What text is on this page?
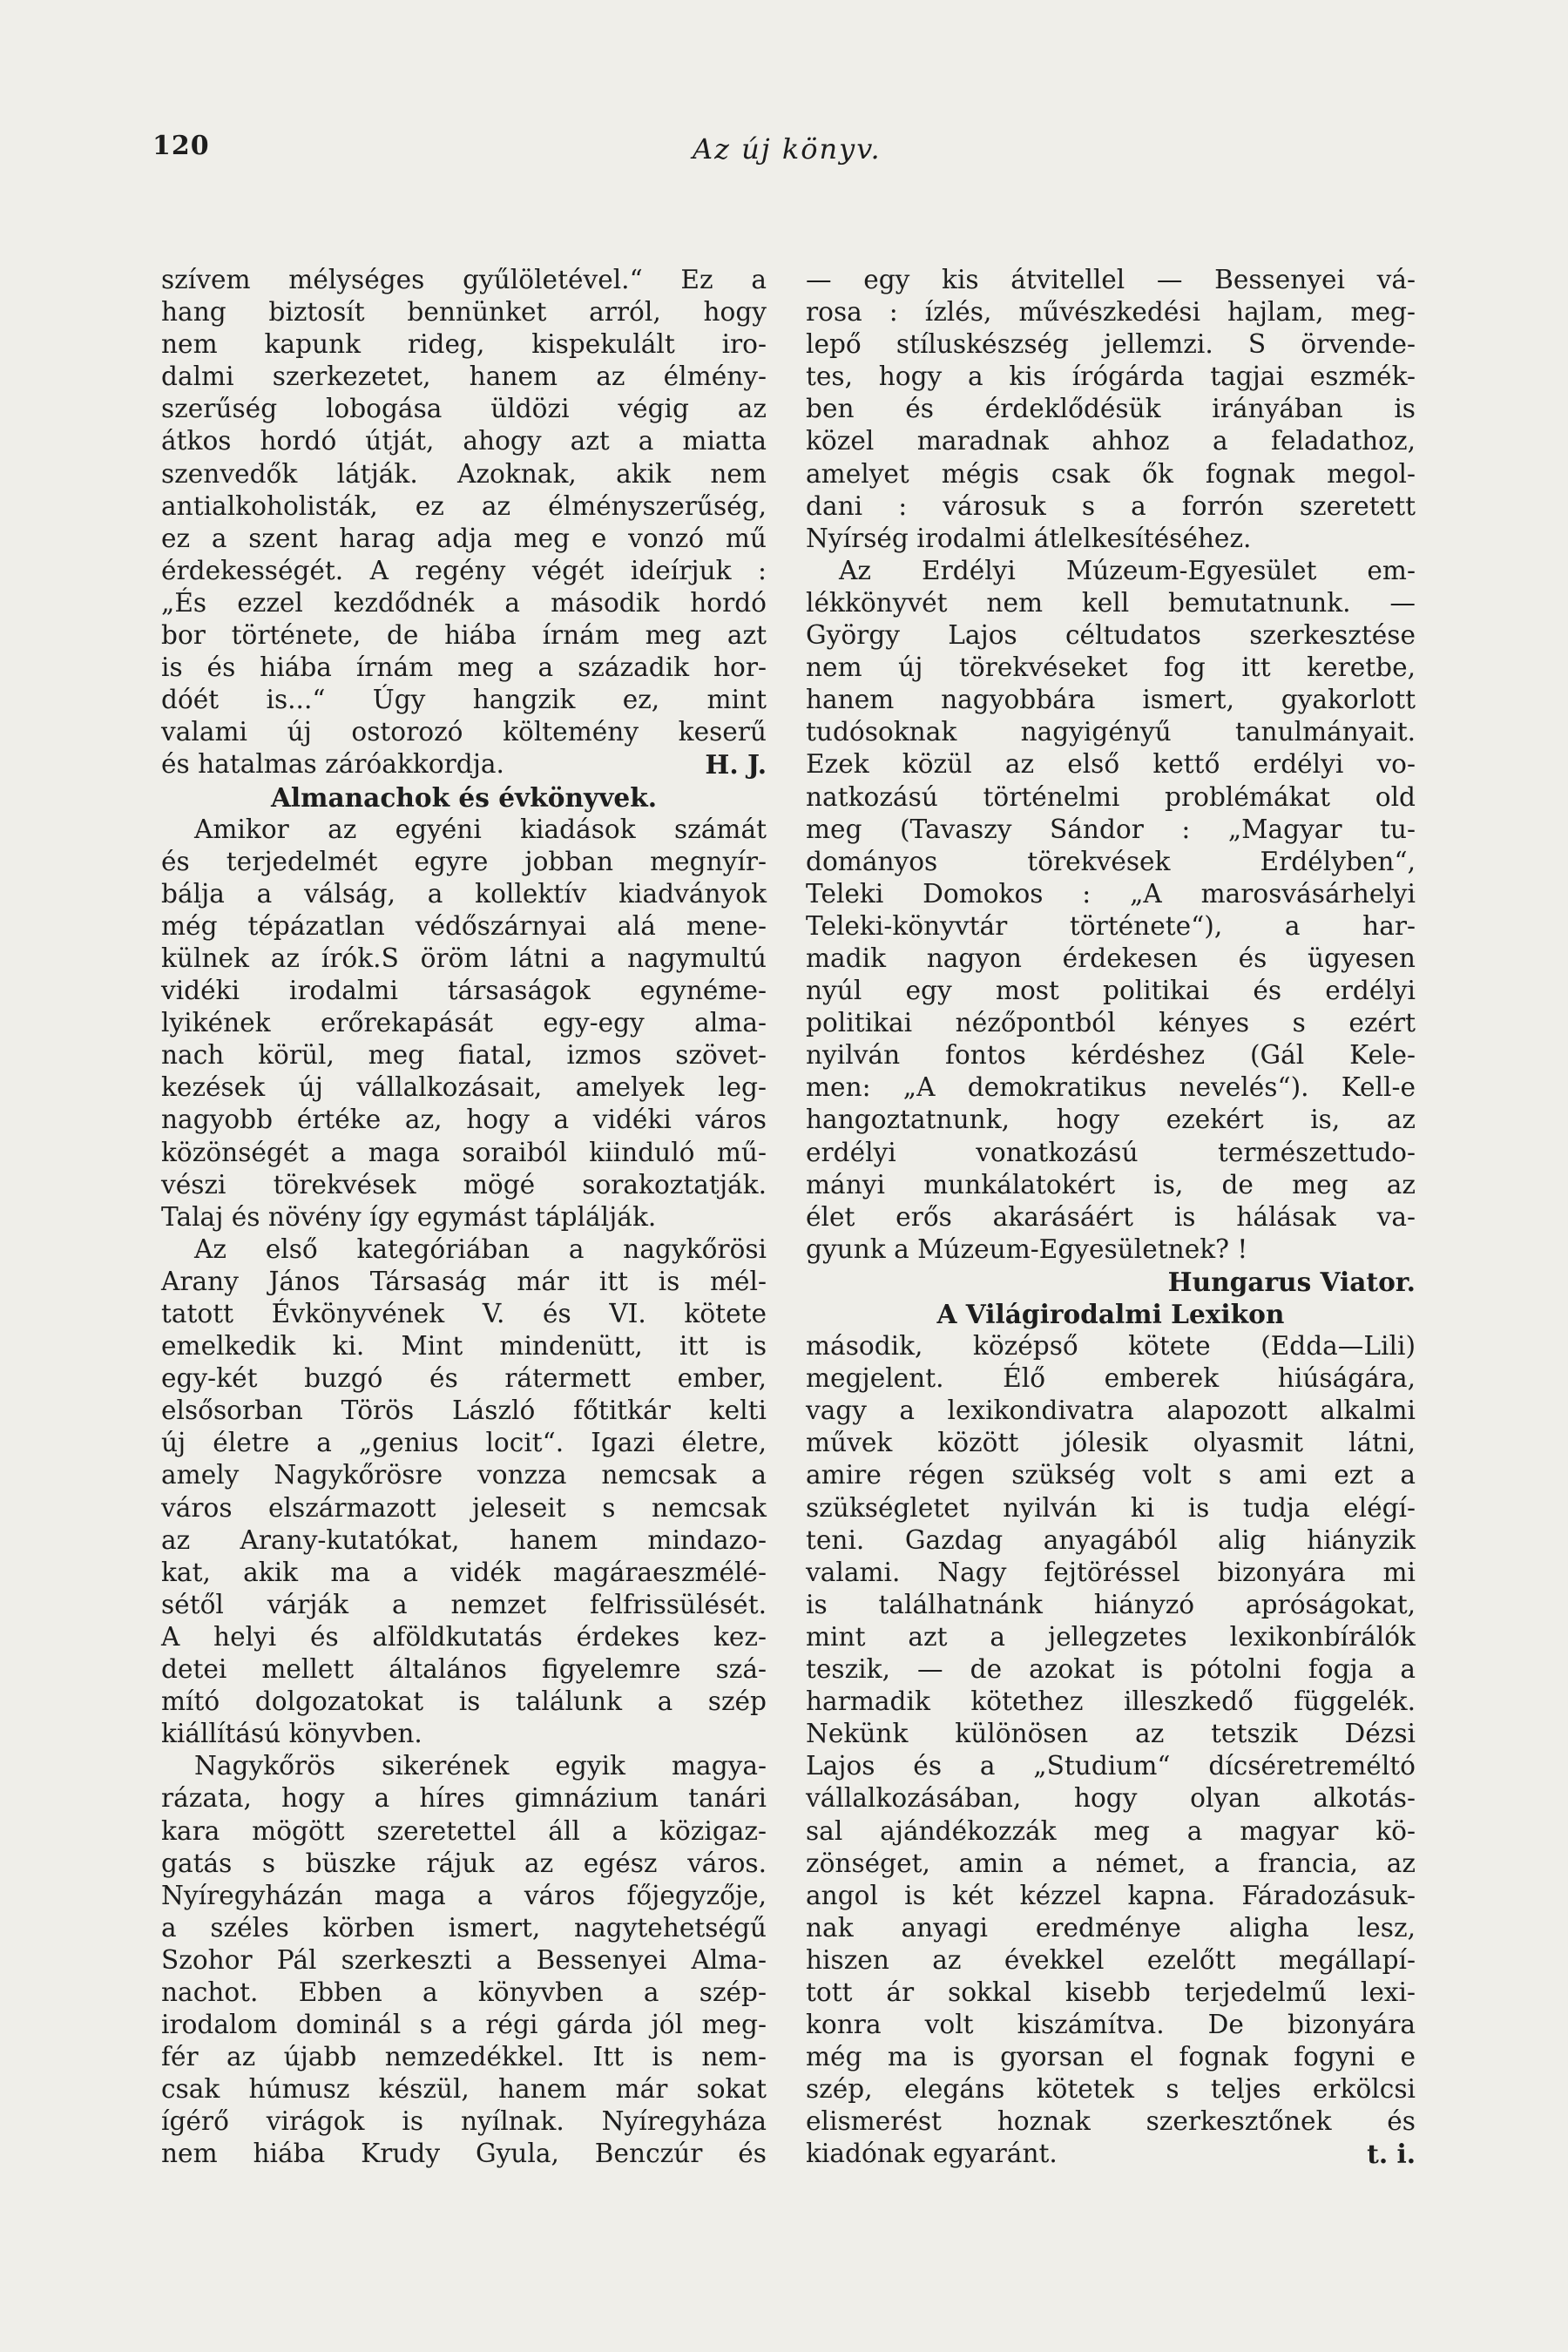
120	Az új könyv.
szívem mélységes gyűlöletével.“ Ez a
hang biztosít bennünket arról, hogy
nem kapunk rideg, kispekulált iro-
dalmi szerkezetet, hanem az élmény-
szerűség lobogása üldözi végig az
átkos hordó útját, ahogy azt a miatta
szenvedők látják. Azoknak, akik nem
antialkoholisták, ez az élményszerűség,
ez a szent harag adja meg e vonzó mű
érdekességét. A regény végét ideírjuk :
„És ezzel kezdődnék a második hordó
bor története, de hiába írnám meg azt
is és hiába írnám meg a századik hor-
dóét is...“ Úgy hangzik ez, mint
valami új ostorozó költemény keserű
és hatalmas záróakkordja.	H. J.
Almanachok és évkönyvek.
Amikor az egyéni kiadások számát
és terjedelmét egyre jobban megnyír-
bálja a válság, a kollektív kiadványok
még tépázatlan védőszárnyai alá mene-
külnek az írók.S öröm látni a nagymultú
vidéki irodalmi társaságok egynéme-
lyikének erőrekapását egy-egy alma-
nach körül, meg fiatal, izmos szövet-
kezések új vállalkozásait, amelyek leg-
nagyobb értéke az, hogy a vidéki város
közönségét a maga soraiból kiinduló mű-
vészi törekvések mögé sorakoztatják.
Talaj és növény így egymást táplálják.
Az első kategóriában a nagykőrösi
Arany János Társaság már itt is mél-
tatott Évkönyvének V. és VI. kötete
emelkedik ki. Mint mindenütt, itt is
egy-két buzgó és rátermett ember,
elsősorban Törös László főtitkár kelti
új életre a „genius locit“. Igazi életre,
amely Nagykőrösre vonzza nemcsak a
város elszármazott jeleseit s nemcsak
az Arany-kutatókat, hanem mindazo-
kat, akik ma a vidék magáraeszmélé-
sétől várják a nemzet felfrissülését.
A helyi és alföldkutatás érdekes kez-
detei mellett általános figyelemre szá-
mító dolgozatokat is találunk a szép
kiállítású könyvben.
Nagykőrös sikerének egyik magya-
rázata, hogy a híres gimnázium tanári
kara mögött szeretettel áll a közigaz-
gatás s büszke rájuk az egész város.
Nyíregyházán maga a város főjegyzője,
a széles körben ismert, nagytehetségű
Szohor Pál szerkeszti a Bessenyei Alma-
nachot. Ebben a könyvben a szép-
irodalom dominál s a régi gárda jól meg-
fér az újabb nemzedékkel. Itt is nem-
csak húmusz készül, hanem már sokat
ígérő virágok is nyílnak. Nyíregyháza
nem hiába Krudy Gyula, Benczúr és
— egy kis átvitellel — Bessenyei vá-
rosa : ízlés, művészkedési hajlam, meg-
lepő stíluskészség jellemzi. S örvende-
tes, hogy a kis írógárda tagjai eszmék-
ben és érdeklődésük irányában is
közel maradnak ahhoz a feladathoz,
amelyet mégis csak ők fognak megol-
dani : városuk s a forrón szeretett
Nyírség irodalmi átlelkesítéséhez.
Az Erdélyi Múzeum-Egyesület em-
lékkönyvét nem kell bemutatnunk. —
György Lajos céltudatos szerkesztése
nem új törekvéseket fog itt keretbe,
hanem nagyobbára ismert, gyakorlott
tudósoknak nagyigényű tanulmányait.
Ezek közül az első kettő erdélyi vo-
natkozású történelmi problémákat old
meg (Tavaszy Sándor : „Magyar tu-
dományos törekvések Erdélyben“,
Teleki Domokos : „A marosvásárhelyi
Teleki-könyvtár története“), a har-
madik nagyon érdekesen és ügyesen
nyúl egy most politikai és erdélyi
politikai nézőpontból kényes s ezért
nyilván fontos kérdéshez (Gál Kele-
men: „A demokratikus nevelés“). Kell-e
hangoztatnunk, hogy ezekért is, az
erdélyi vonatkozású természettudo-
mányi munkálatokért is, de meg az
élet erős akarásáért is hálásak va-
gyunk a Múzeum-Egyesületnek? !
Hungarus Viator.
A Világirodalmi Lexikon
második, középső kötete (Edda—Lili)
megjelent. Élő emberek hiúságára,
vagy a lexikondivatra alapozott alkalmi
művek között jólesik olyasmit látni,
amire régen szükség volt s ami ezt a
szükségletet nyilván ki is tudja elégí-
teni. Gazdag anyagából alig hiányzik
valami. Nagy fejtöréssel bizonyára mi
is találhatnánk hiányzó apróságokat,
mint azt a jellegzetes lexikonbírálók
teszik, — de azokat is pótolni fogja a
harmadik kötethez illeszkedő függelék.
Nekünk különösen az tetszik Dézsi
Lajos és a „Studium“ dícséretreméltó
vállalkozásában, hogy olyan alkotás-
sal ajándékozzák meg a magyar kö-
zönséget, amin a német, a francia, az
angol is két kézzel kapna. Fáradozásuk-
nak anyagi eredménye aligha lesz,
hiszen az évekkel ezelőtt megállapí-
tott ár sokkal kisebb terjedelmű lexi-
konra volt kiszámítva. De bizonyára
még ma is gyorsan el fognak fogyni e
szép, elegáns kötetek s teljes erkölcsi
elismerést hoznak szerkesztőnek és
kiadónak egyaránt.	t. i.
